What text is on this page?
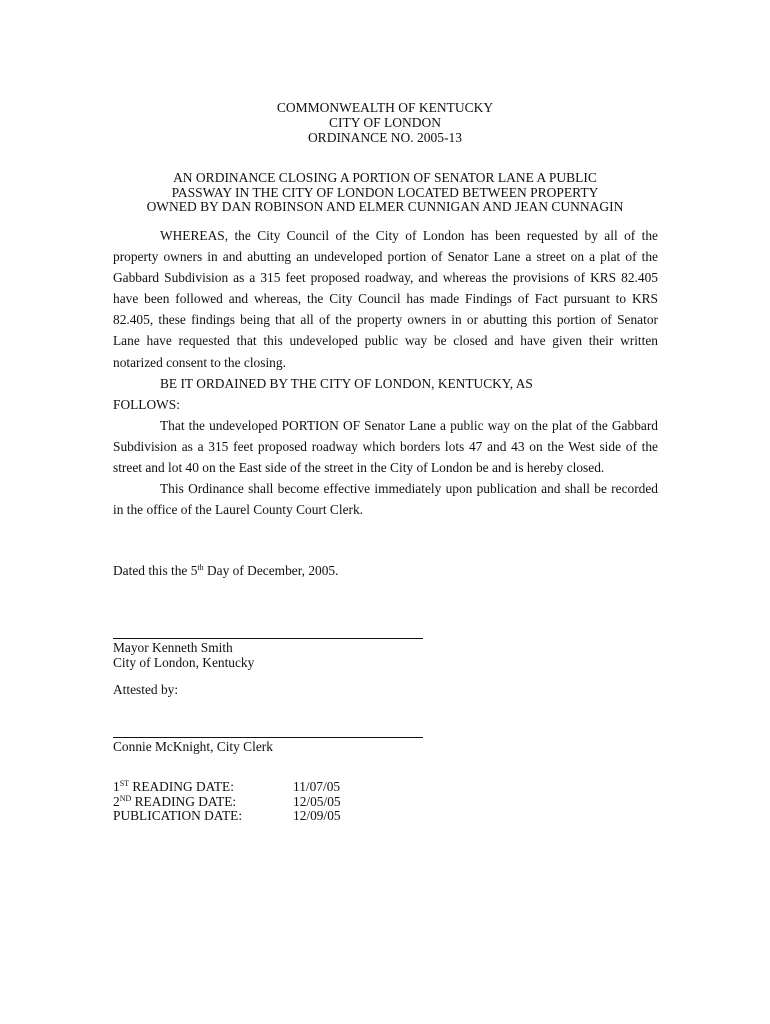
COMMONWEALTH OF KENTUCKY
CITY OF LONDON
ORDINANCE NO. 2005-13
AN ORDINANCE CLOSING A PORTION OF SENATOR LANE A PUBLIC
PASSWAY IN THE CITY OF LONDON LOCATED BETWEEN PROPERTY
OWNED BY DAN ROBINSON AND ELMER CUNNIGAN AND JEAN CUNNAGIN

WHEREAS, the City Council of the City of London has been requested by all of the property owners in and abutting an undeveloped portion of Senator Lane a street on a plat of the Gabbard Subdivision as a 315 feet proposed roadway, and whereas the provisions of KRS 82.405 have been followed and whereas, the City Council has made Findings of Fact pursuant to KRS 82.405, these findings being that all of the property owners in or abutting this portion of Senator Lane have requested that this undeveloped public way be closed and have given their written notarized consent to the closing.

BE IT ORDAINED BY THE CITY OF LONDON, KENTUCKY, AS

FOLLOWS:

That the undeveloped PORTION OF Senator Lane a public way on the plat of the Gabbard Subdivision as a 315 feet proposed roadway which borders lots 47 and 43 on the West side of the street and lot 40 on the East side of the street in the City of London be and is hereby closed.

This Ordinance shall become effective immediately upon publication and shall be recorded in the office of the Laurel County Court Clerk.

Dated this the 5th Day of December, 2005.
Mayor Kenneth Smith
City of London, Kentucky
Attested by:
Connie McKnight, City Clerk
1ST READING DATE:	11/07/05
2ND READING DATE:	12/05/05
PUBLICATION DATE:	12/09/05
